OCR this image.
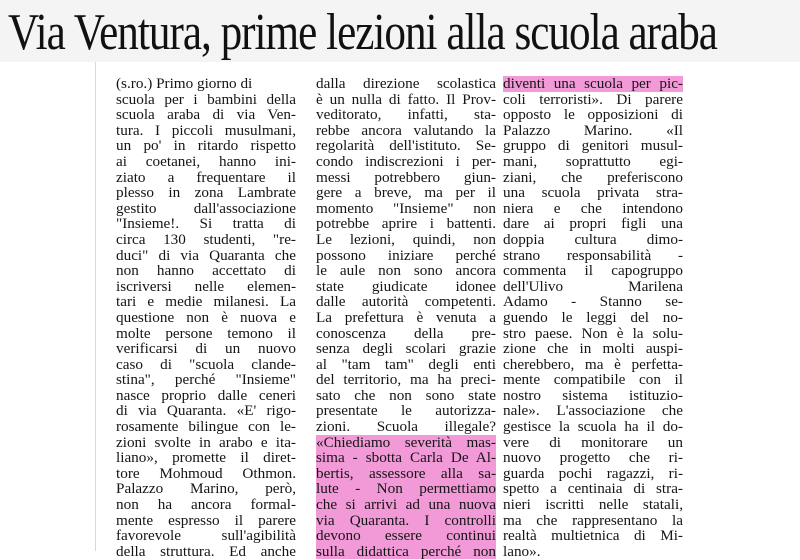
Via Ventura, prime lezioni alla scuola araba
(s.ro.) Primo giorno di
scuola per i bambini della
scuola araba di via Ven-
tura. I piccoli musulmani,
un po' in ritardo rispetto
ai coetanei, hanno ini-
ziato a frequentare il
plesso in zona Lambrate
gestito dall'associazione
"Insieme!. Si tratta di
circa 130 studenti, "re-
duci" di via Quaranta che
non hanno accettato di
iscriversi nelle elemen-
tari e medie milanesi. La
questione non è nuova e
molte persone temono il
verificarsi di un nuovo
caso di "scuola clande-
stina", perché "Insieme"
nasce proprio dalle ceneri
di via Quaranta. «E' rigo-
rosamente bilingue con le-
zioni svolte in arabo e ita-
liano», promette il diret-
tore Mohmoud Othmon.
Palazzo Marino, però,
non ha ancora formal-
mente espresso il parere
favorevole sull'agibilità
della struttura. Ed anche
dalla direzione scolastica
è un nulla di fatto. Il Prov-
veditorato, infatti, sta-
rebbe ancora valutando la
regolarità dell'istituto. Se-
condo indiscrezioni i per-
messi potrebbero giun-
gere a breve, ma per il
momento "Insieme" non
potrebbe aprire i battenti.
Le lezioni, quindi, non
possono iniziare perché
le aule non sono ancora
state giudicate idonee
dalle autorità competenti.
La prefettura è venuta a
conoscenza della pre-
senza degli scolari grazie
al "tam tam" degli enti
del territorio, ma ha preci-
sato che non sono state
presentate le autorizza-
zioni. Scuola illegale?
«Chiediamo severità mas-
sima - sbotta Carla De Al-
bertis, assessore alla sa-
lute - Non permettiamo
che si arrivi ad una nuova
via Quaranta. I controlli
devono essere continui
sulla didattica perché non
diventi una scuola per pic-
coli terroristi». Di parere
opposto le opposizioni di
Palazzo Marino. «Il
gruppo di genitori musul-
mani, soprattutto egi-
ziani, che preferiscono
una scuola privata stra-
niera e che intendono
dare ai propri figli una
doppia cultura dimo-
strano responsabilità -
commenta il capogruppo
dell'Ulivo Marilena
Adamo - Stanno se-
guendo le leggi del no-
stro paese. Non è la solu-
zione che in molti auspi-
cherebbero, ma è perfetta-
mente compatibile con il
nostro sistema istituzio-
nale». L'associazione che
gestisce la scuola ha il do-
vere di monitorare un
nuovo progetto che ri-
guarda pochi ragazzi, ri-
spetto a centinaia di stra-
nieri iscritti nelle statali,
ma che rappresentano la
realtà multietnica di Mi-
lano».
